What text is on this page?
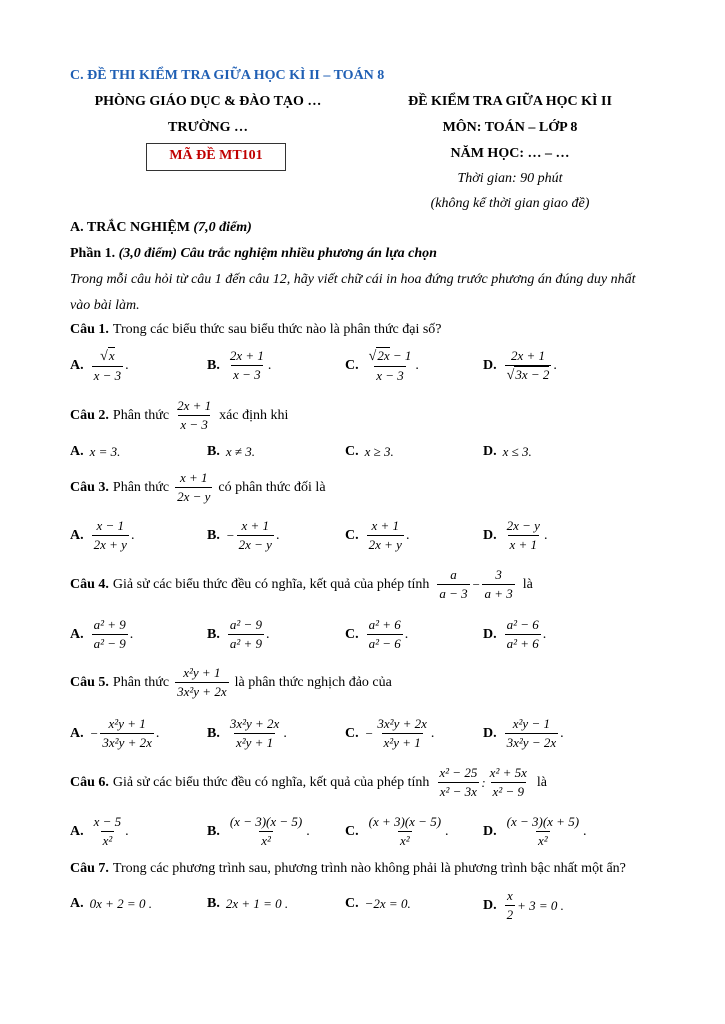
C. ĐỀ THI KIỂM TRA GIỮA HỌC KÌ II – TOÁN 8
PHÒNG GIÁO DỤC & ĐÀO TẠO …
TRƯỜNG …
MÃ ĐỀ MT101
ĐỀ KIỂM TRA GIỮA HỌC KÌ II
MÔN: TOÁN – LỚP 8
NĂM HỌC: … – …
Thời gian: 90 phút
(không kể thời gian giao đề)
A. TRẮC NGHIỆM (7,0 điểm)
Phần 1. (3,0 điểm) Câu trắc nghiệm nhiều phương án lựa chọn
Trong mỗi câu hỏi từ câu 1 đến câu 12, hãy viết chữ cái in hoa đứng trước phương án đúng duy nhất
vào bài làm.
Câu 1. Trong các biểu thức sau biểu thức nào là phân thức đại số?
A. $\frac{√x}{x - 3}$ .	B. $\frac{2x + 1}{x - 3}$ .	C. $\frac{√2x - 1}{x - 3}$ .	D. $\frac{2x + 1}{√3x - 2}$ .
Câu 2. Phân thức $\frac{2x + 1}{x - 3}$ xác định khi
A. x = 3.	B. x ≠ 3.	C. x ≥ 3.	D. x ≤ 3.
Câu 3. Phân thức $\frac{x + 1}{2x - y}$ có phân thức đối là
A. $\frac{x - 1}{2x + y}$ .	B. − $\frac{x + 1}{2x - y}$ .	C. $\frac{x + 1}{2x + y}$ .	D. $\frac{2x - y}{x + 1}$ .
Câu 4. Giả sử các biểu thức đều có nghĩa, kết quả của phép tính $\frac{a}{a - 3} - \frac{3}{a + 3}$ là
A. $\frac{\text{a² + 9}}{\text{a² − 9}}$ .	B. $\frac{\text{a² − 9}}{\text{a² + 9}}$ .	C. $\frac{\text{a² + 6}}{\text{a² − 6}}$ .	D. $\frac{\text{a² − 6}}{\text{a² + 6}}$ .
Câu 5. Phân thức $\frac{\text{x²y + 1}}{\text{3x²y + 2x}}$ là phân thức nghịch đảo của
A. − $\frac{\text{x²y + 1}}{\text{3x²y + 2x}}$ .	B. $\frac{\text{3x²y + 2x}}{\text{x²y + 1}}$ .	C. − $\frac{\text{3x²y + 2x}}{\text{x²y + 1}}$ .	D. $\frac{\text{x²y − 1}}{\text{3x²y − 2x}}$ .
Câu 6. Giả sử các biểu thức đều có nghĩa, kết quả của phép tính $\frac{\text{x² − 25}}{\text{x² − 3x}}$ : $\frac{\text{x² + 5x}}{\text{x² − 9}}$ là
A. $\frac{x - 5}{\text{x²}}$ .	B. $\frac{(x - 3)(x - 5)}{\text{x²}}$ .	C. $\frac{(x + 3)(x - 5)}{\text{x²}}$ . D. $\frac{(x - 3)(x + 5)}{\text{x²}}$ .
Câu 7. Trong các phương trình sau, phương trình nào không phải là phương trình bậc nhất một ẩn?
A. 0x + 2 = 0 .	B. 2x + 1 = 0 .	C. −2x = 0.	D. $\frac{x}{2} + 3 = 0$ .
